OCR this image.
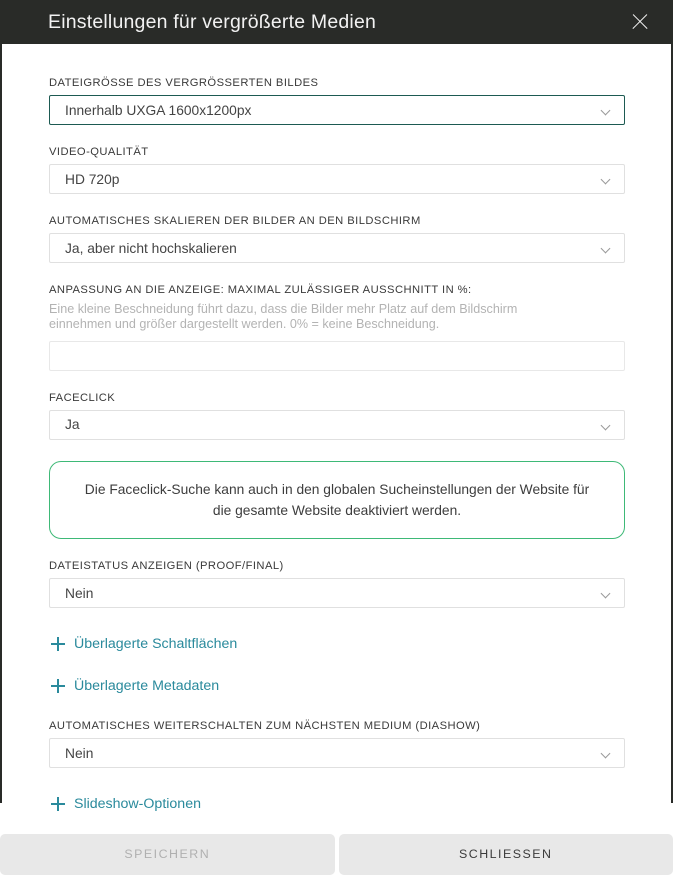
Einstellungen für vergrößerte Medien
DATEIGRÖSSE DES VERGRÖSSERTEN BILDES
Innerhalb UXGA 1600x1200px
VIDEO-QUALITÄT
HD 720p
AUTOMATISCHES SKALIEREN DER BILDER AN DEN BILDSCHIRM
Ja, aber nicht hochskalieren
ANPASSUNG AN DIE ANZEIGE: MAXIMAL ZULÄSSIGER AUSSCHNITT IN %:

Eine kleine Beschneidung führt dazu, dass die Bilder mehr Platz auf dem Bildschirm einnehmen und größer dargestellt werden. 0% = keine Beschneidung.

FACECLICK
Ja
Die Faceclick-Suche kann auch in den globalen Sucheinstellungen der Website für die gesamte Website deaktiviert werden.
DATEISTATUS ANZEIGEN (PROOF/FINAL)
Nein
Überlagerte Schaltflächen
Überlagerte Metadaten
AUTOMATISCHES WEITERSCHALTEN ZUM NÄCHSTEN MEDIUM (DIASHOW)
Nein
Slideshow-Optionen
SPEICHERN	SCHLIESSEN
